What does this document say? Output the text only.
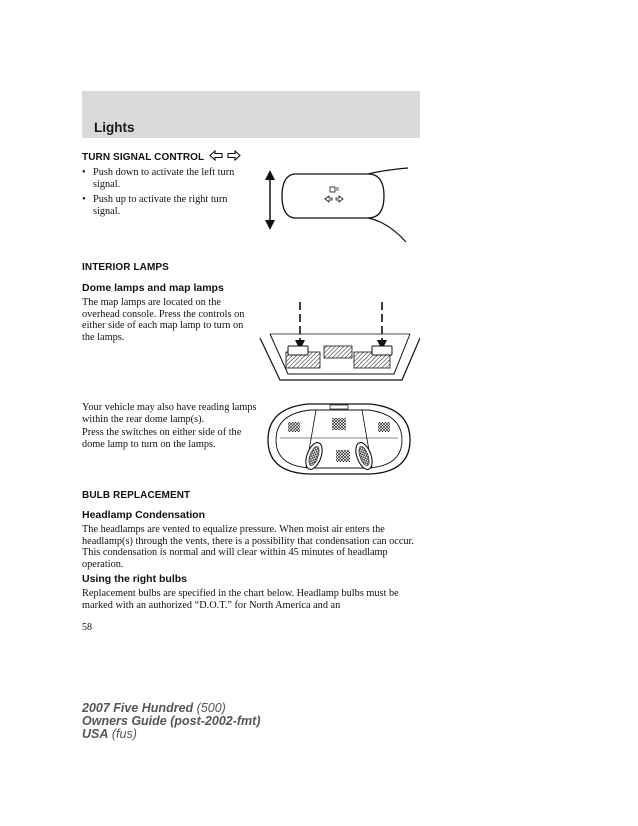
Lights
TURN SIGNAL CONTROL
• Push down to activate the left turn signal.
• Push up to activate the right turn signal.
INTERIOR LAMPS
Dome lamps and map lamps
The map lamps are located on the overhead console. Press the controls on either side of each map lamp to turn on the lamps.
Your vehicle may also have reading lamps within the rear dome lamp(s).
Press the switches on either side of the dome lamp to turn on the lamps.
BULB REPLACEMENT
Headlamp Condensation
The headlamps are vented to equalize pressure. When moist air enters the headlamp(s) through the vents, there is a possibility that condensation can occur. This condensation is normal and will clear within 45 minutes of headlamp operation.
Using the right bulbs
Replacement bulbs are specified in the chart below. Headlamp bulbs must be marked with an authorized “D.O.T.” for North America and an
58
2007 Five Hundred (500)
Owners Guide (post-2002-fmt)
USA (fus)
